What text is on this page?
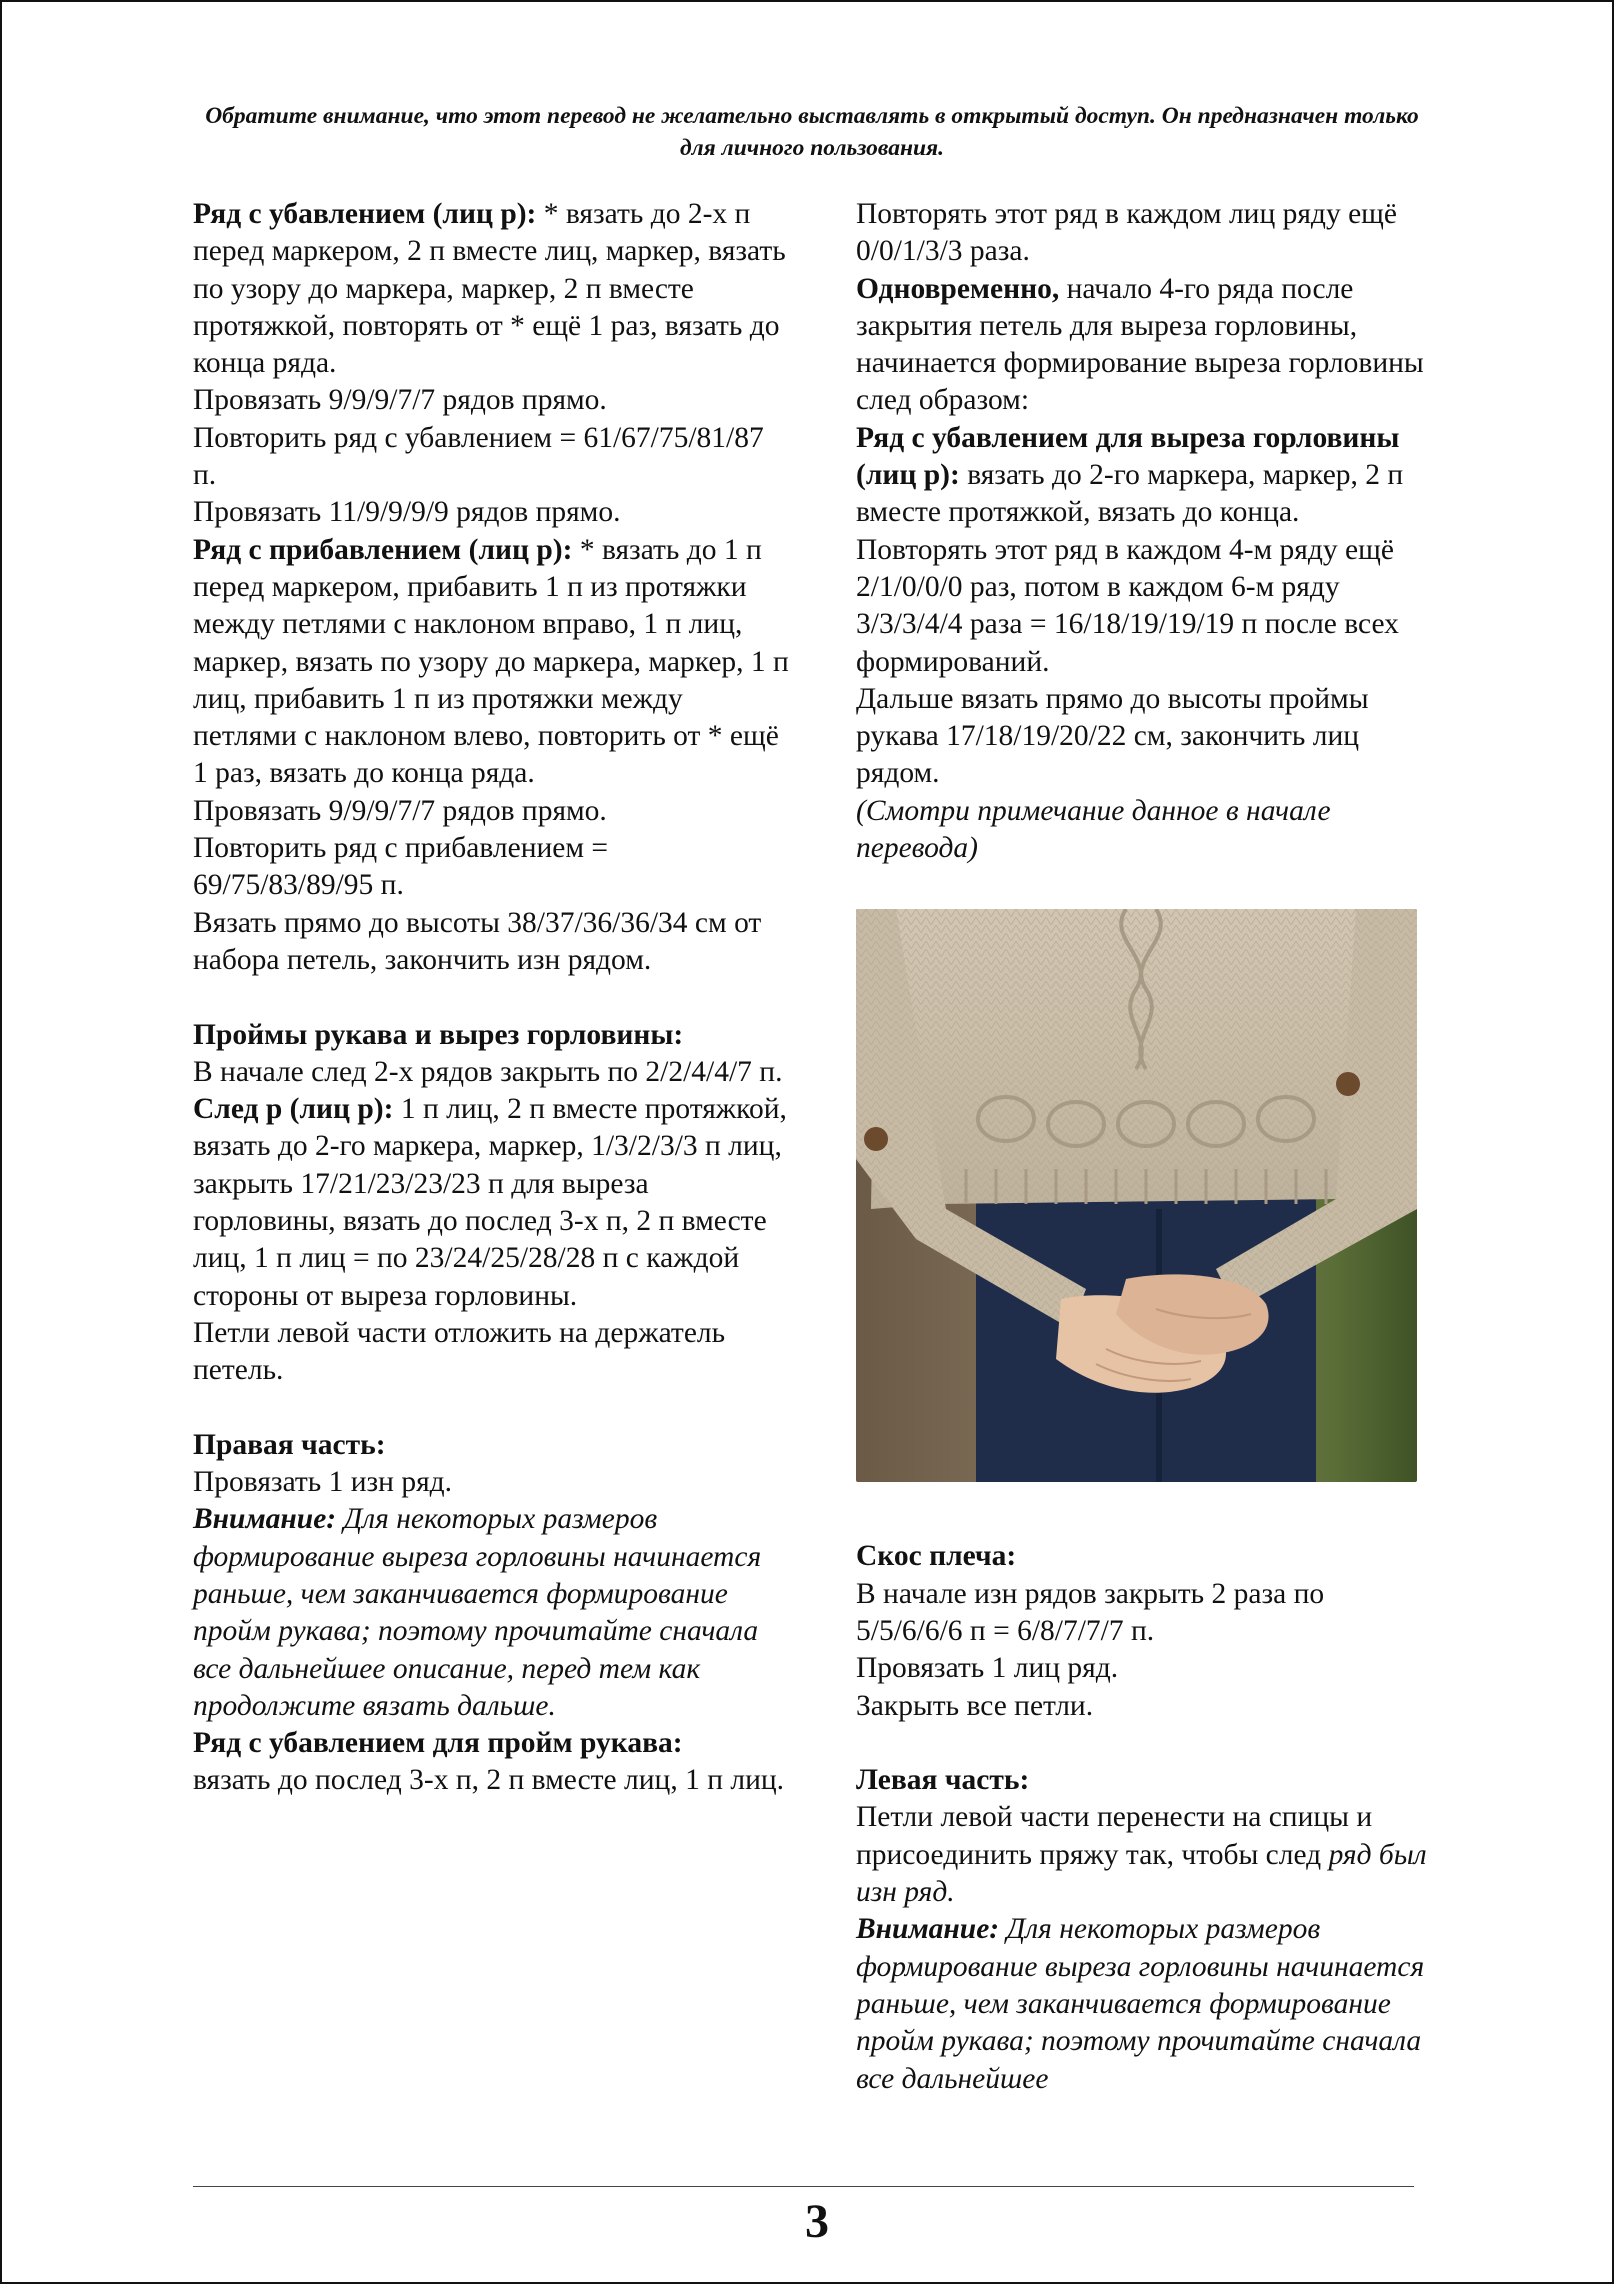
Обратите внимание, что этот перевод не желательно выставлять в открытый доступ. Он предназначен только для личного пользования.

Ряд с убавлением (лиц р): * вязать до 2-х п перед маркером, 2 п вместе лиц, маркер, вязать по узору до маркера, маркер, 2 п вместе протяжкой, повторять от * ещё 1 раз, вязать до конца ряда.

Провязать 9/9/9/7/7 рядов прямо.

Повторить ряд с убавлением = 61/67/75/81/87 п.

Провязать 11/9/9/9/9 рядов прямо.

Ряд с прибавлением (лиц р): * вязать до 1 п перед маркером, прибавить 1 п из протяжки между петлями с наклоном вправо, 1 п лиц, маркер, вязать по узору до маркера, маркер, 1 п лиц, прибавить 1 п из протяжки между петлями с наклоном влево, повторить от * ещё 1 раз, вязать до конца ряда.

Провязать 9/9/9/7/7 рядов прямо.

Повторить ряд с прибавлением = 69/75/83/89/95 п.

Вязать прямо до высоты 38/37/36/36/34 см от набора петель, закончить изн рядом.

Проймы рукава и вырез горловины:

В начале след 2-х рядов закрыть по 2/2/4/4/7 п.

След р (лиц р): 1 п лиц, 2 п вместе протяжкой, вязать до 2-го маркера, маркер, 1/3/2/3/3 п лиц, закрыть 17/21/23/23/23 п для выреза горловины, вязать до послед 3-х п, 2 п вместе лиц, 1 п лиц = по 23/24/25/28/28 п с каждой стороны от выреза горловины.

Петли левой части отложить на держатель петель.

Правая часть:

Провязать 1 изн ряд.

Внимание: Для некоторых размеров формирование выреза горловины начинается раньше, чем заканчивается формирование пройм рукава; поэтому прочитайте сначала все дальнейшее описание, перед тем как продолжите вязать дальше.

Ряд с убавлением для пройм рукава:

вязать до послед 3-х п, 2 п вместе лиц, 1 п лиц.

Повторять этот ряд в каждом лиц ряду ещё 0/0/1/3/3 раза.

Одновременно, начало 4-го ряда после закрытия петель для выреза горловины, начинается формирование выреза горловины след образом:

Ряд с убавлением для выреза горловины (лиц р): вязать до 2-го маркера, маркер, 2 п вместе протяжкой, вязать до конца.

Повторять этот ряд в каждом 4-м ряду ещё 2/1/0/0/0 раз, потом в каждом 6-м ряду 3/3/3/4/4 раза = 16/18/19/19/19 п после всех формирований.

Дальше вязать прямо до высоты проймы рукава 17/18/19/20/22 см, закончить лиц рядом.

(Смотри примечание данное в начале перевода)

Скос плеча:

В начале изн рядов закрыть 2 раза по 5/5/6/6/6 п = 6/8/7/7/7 п.

Провязать 1 лиц ряд.

Закрыть все петли.

Левая часть:

Петли левой части перенести на спицы и присоединить пряжу так, чтобы след ряд был изн ряд.

Внимание: Для некоторых размеров формирование выреза горловины начинается раньше, чем заканчивается формирование пройм рукава; поэтому прочитайте сначала все дальнейшее

3
